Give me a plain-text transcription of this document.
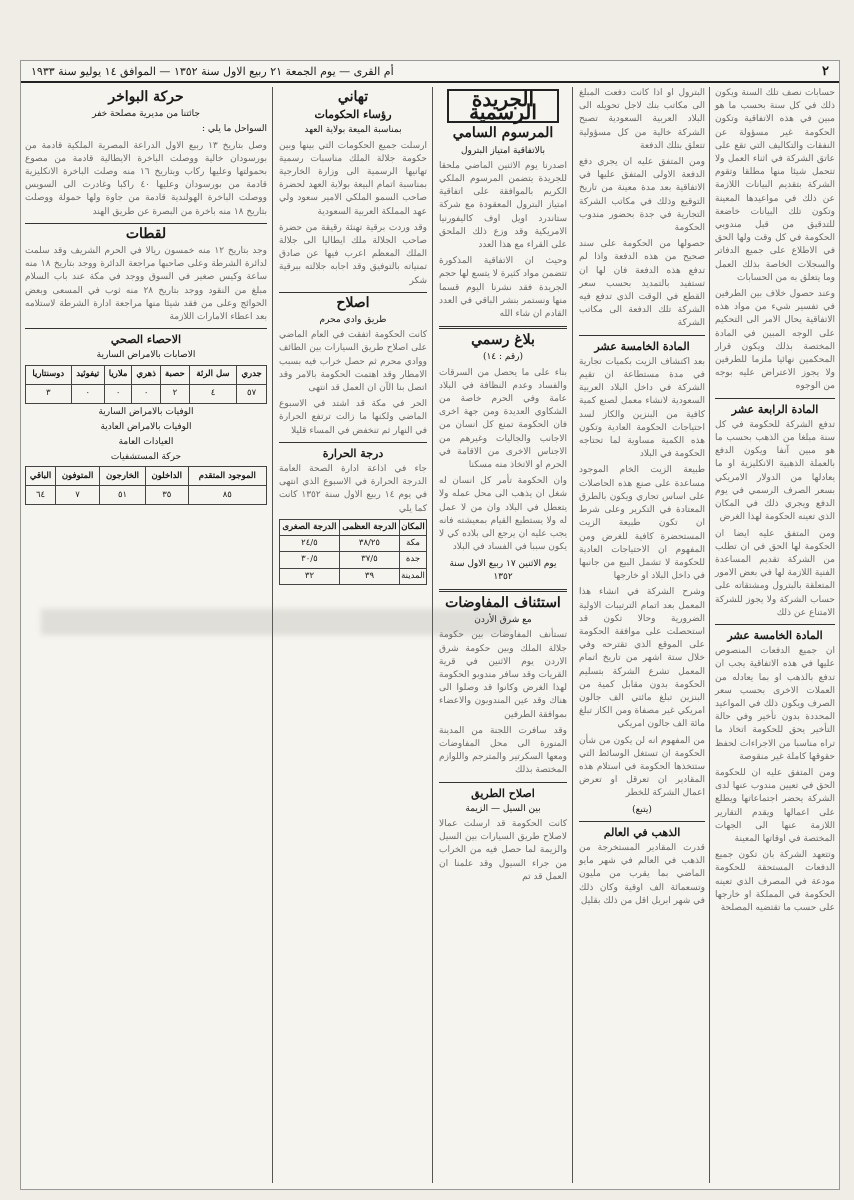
٢
أم القرى — يوم الجمعة ٢١ ربيع الاول سنة ١٣٥٢ — الموافق ١٤ يوليو سنة ١٩٣٣

حسابات نصف تلك السنة ويكون ذلك في كل سنة بحسب ما هو مبين في هذه الاتفاقية وتكون الحكومة غير مسؤولة عن النفقات والتكاليف التي تقع على عاتق الشركة في اثناء العمل ولا تتحمل شيئا منها مطلقا وتقوم الشركة بتقديم البيانات اللازمة عن ذلك في مواعيدها المعينة وتكون تلك البيانات خاضعة للتدقيق من قبل مندوبي الحكومة في كل وقت ولها الحق في الاطلاع على جميع الدفاتر والسجلات الخاصة بذلك العمل وما يتعلق به من الحسابات

وعند حصول خلاف بين الطرفين في تفسير شيء من مواد هذه الاتفاقية يحال الامر الى التحكيم على الوجه المبين في المادة المختصة بذلك ويكون قرار المحكمين نهائيا ملزما للطرفين ولا يجوز الاعتراض عليه بوجه من الوجوه

المادة الرابعة عشر

تدفع الشركة للحكومة في كل سنة مبلغا من الذهب بحسب ما هو مبين آنفا ويكون الدفع بالعملة الذهبية الانكليزية او ما يعادلها من الدولار الامريكي بسعر الصرف الرسمي في يوم الدفع ويجري ذلك في المكان الذي تعينه الحكومة لهذا الغرض

ومن المتفق عليه ايضا ان الحكومة لها الحق في ان تطلب من الشركة تقديم المساعدة الفنية اللازمة لها في بعض الامور المتعلقة بالبترول ومشتقاته على حساب الشركة ولا يجوز للشركة الامتناع عن ذلك

المادة الخامسة عشر

ان جميع الدفعات المنصوص عليها في هذه الاتفاقية يجب ان تدفع بالذهب او بما يعادله من العملات الاخرى بحسب سعر الصرف ويكون ذلك في المواعيد المحددة بدون تأخير وفي حالة التأخير يحق للحكومة اتخاذ ما تراه مناسبا من الاجراءات لحفظ حقوقها كاملة غير منقوصة

ومن المتفق عليه ان للحكومة الحق في تعيين مندوب عنها لدى الشركة يحضر اجتماعاتها ويطلع على اعمالها ويقدم التقارير اللازمة عنها الى الجهات المختصة في اوقاتها المعينة

وتتعهد الشركة بان تكون جميع الدفعات المستحقة للحكومة مودعة في المصرف الذي تعينه الحكومة في المملكة او خارجها على حسب ما تقتضيه المصلحة

البترول او اذا كانت دفعت المبلغ الى مكاتب بنك لاجل تحويله الى البلاد العربية السعودية تصبح الشركة خالية من كل مسؤولية تتعلق بتلك الدفعة

ومن المتفق عليه ان يجري دفع الدفعة الاولى المتفق عليها في الاتفاقية بعد مدة معينة من تاريخ التوقيع وذلك في مكاتب الشركة التجارية في جدة بحضور مندوب الحكومة

حصولها من الحكومة على سند صحيح من هذه الدفعة واذا لم تدفع هذه الدفعة فان لها ان تستفيد بالتمديد بحسب سعر القطع في الوقت الذي تدفع فيه الشركة تلك الدفعة الى مكاتب الشركة

المادة الخامسة عشر

بعد اكتشاف الزيت بكميات تجارية في مدة مستطاعة ان تقيم الشركة في داخل البلاد العربية السعودية لانشاء معمل لصنع كمية كافية من البنزين والكاز لسد احتياجات الحكومة العادية وتكون هذه الكمية مساوية لما تحتاجه الحكومة في البلاد

طبيعة الزيت الخام الموجود مساعدة على صنع هذه الحاصلات على اساس تجاري ويكون بالطرق المعتادة في التكرير وعلى شرط ان تكون طبيعة الزيت المستحضرة كافية للغرض ومن المفهوم ان الاحتياجات العادية للحكومة لا تشمل البيع من جانبها في داخل البلاد او خارجها

وشرح الشركة في انشاء هذا المعمل بعد اتمام الترتيبات الاولية الضرورية وحالا تكون قد استحصلت على موافقة الحكومة على الموقع الذي تقترحه وفي خلال ستة اشهر من تاريخ اتمام المعمل تشرع الشركة بتسليم الحكومة بدون مقابل كمية من البنزين تبلغ مائتي الف جالون امريكي غير مصفاة ومن الكاز تبلغ مائة الف جالون امريكي

من المفهوم انه لن يكون من شأن الحكومة ان تستغل الوسائط التي ستتخذها الحكومة في استلام هذه المقادير ان تعرقل او تعرض اعمال الشركة للخطر

(يتبع)
الذهب في العالم

قدرت المقادير المستخرجة من الذهب في العالم في شهر مايو الماضي بما يقرب من مليون وتسعمائة الف اوقية وكان ذلك في شهر ابريل اقل من ذلك بقليل

الجريدة الرسمية
المرسوم السامي
بالاتفاقية امتياز البترول

اصدرنا يوم الاثنين الماضي ملحقا للجريدة يتضمن المرسوم الملكي الكريم بالموافقة على اتفاقية امتياز البترول المعقودة مع شركة ستاندرد اويل اوف كاليفورنيا الامريكية وقد وزع ذلك الملحق على القراء مع هذا العدد

وحيث ان الاتفاقية المذكورة تتضمن مواد كثيرة لا يتسع لها حجم الجريدة فقد نشرنا اليوم قسما منها ونستمر بنشر الباقي في العدد القادم ان شاء الله

بلاغ رسمي
(رقم : ١٤)

بناء على ما يحصل من السرقات والفساد وعدم النظافة في البلاد عامة وفي الحرم خاصة من الشكاوي العديدة ومن جهة اخرى فان الحكومة تمنع كل انسان من الاجانب والجاليات وغيرهم من الاجناس الاخرى من الاقامة في الحرم او الاتخاذ منه مسكنا

وان الحكومة تأمر كل انسان له شغل ان يذهب الى محل عمله ولا يتعطل في البلاد وان من لا عمل له ولا يستطيع القيام بمعيشته فانه يجب عليه ان يرجع الى بلاده كي لا يكون سببا في الفساد في البلاد

يوم الاثنين ١٧ ربيع الاول سنة ١٣٥٢
استئناف المفاوضات
مع شرق الأردن

تستأنف المفاوضات بين حكومة جلالة الملك وبين حكومة شرق الاردن يوم الاثنين في قرية القريات وقد سافر مندوبو الحكومة لهذا الغرض وكانوا قد وصلوا الى هناك وقد عين المندوبون والاعضاء بموافقة الطرفين

وقد سافرت اللجنة من المدينة المنورة الى محل المفاوضات ومعها السكرتير والمترجم واللوازم المختصة بذلك

اصلاح الطريق
بين السيل — الزيمة

كانت الحكومة قد ارسلت عمالا لاصلاح طريق السيارات بين السيل والزيمة لما حصل فيه من الخراب من جراء السيول وقد علمنا ان العمل قد تم

تهاني
رؤساء الحكومات
بمناسبة الميعة بولاية العهد

ارسلت جميع الحكومات التي بينها وبين حكومة جلالة الملك مناسبات رسمية تهانيها الرسمية الى وزارة الخارجية بمناسبة اتمام البيعة بولاية العهد لحضرة صاحب السمو الملكي الامير سعود ولي عهد المملكة العربية السعودية

وقد وردت برقية تهنئة رقيقة من حضرة صاحب الجلالة ملك ايطاليا الى جلالة الملك المعظم اعرب فيها عن صادق تمنياته بالتوفيق وقد اجابه جلالته ببرقية شكر

اصلاح
طريق وادي محرم

كانت الحكومة اتفقت في العام الماضي على اصلاح طريق السيارات بين الطائف ووادي محرم ثم حصل خراب فيه بسبب الامطار وقد اهتمت الحكومة بالامر وقد اتصل بنا الآن ان العمل قد انتهى

الحر في مكة قد اشتد في الاسبوع الماضي ولكنها ما زالت ترتفع الحرارة في النهار ثم تنخفض في المساء قليلا

درجة الحرارة

جاء في اذاعة ادارة الصحة العامة الدرجة الحرارة في الاسبوع الذي انتهى في يوم ١٤ ربيع الاول سنة ١٣٥٢ كانت كما يلي

المكان	الدرجة العظمى	الدرجة الصغرى
مكة	٣٨/٢٥	٢٤/٥
جدة	٣٧/٥	٣٠/٥
المدينة	٣٩	٣٢
حركة البواخر
جائتنا من مديرية مصلحة خفر

السواحل ما يلي :

وصل بتاريخ ١٣ ربيع الاول الدراعة المصرية الملكية قادمة من بورسودان خالية ووصلت الباخرة الايطالية قادمة من مصوع بحمولتها وعليها ركاب وبتاريخ ١٦ منه وصلت الباخرة الانكليزية قادمة من بورسودان وعليها ٤٠ راكبا وغادرت الى السويس ووصلت الباخرة الهولندية قادمة من جاوة ولها حمولة ووصلت بتاريخ ١٨ منه باخرة من البصرة عن طريق الهند

لقطات

وجد بتاريخ ١٢ منه خمسون ريالا في الحرم الشريف وقد سلمت لدائرة الشرطة وعلى صاحبها مراجعة الدائرة ووجد بتاريخ ١٨ منه ساعة وكيس صغير في السوق ووجد في مكة عند باب السلام مبلغ من النقود ووجد بتاريخ ٢٨ منه ثوب في المسعى وبعض الحوائج وعلى من فقد شيئا منها مراجعة ادارة الشرطة لاستلامه بعد اعطاء الامارات اللازمة

الاحصاء الصحي
الاصابات بالامراض السارية
جدري	سل الرئة	حصبة	ذهري	ملاريا	تيفوئيد	دوسنتاريا
٥٧	٤	٢	٠	٠	٠	٣
الوفيات بالامراض السارية
الوفيات بالامراض العادية
العيادات العامة
حركة المستشفيات
الموجود المتقدم	الداخلون	الخارجون	المتوفون	الباقي
٨٥	٣٥	٥١	٧	٦٤
